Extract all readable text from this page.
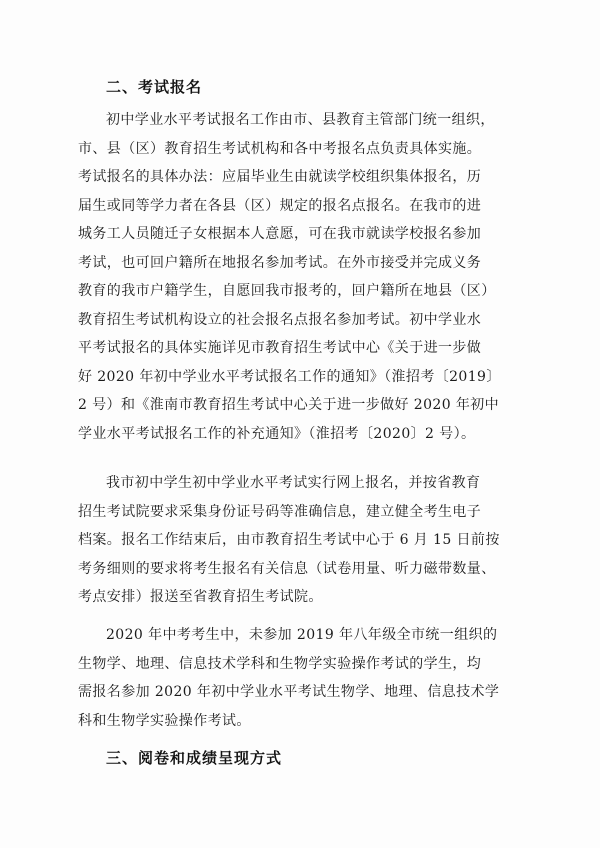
二、考试报名

初中学业水平考试报名工作由市、县教育主管部门统一组织，
市、县（区）教育招生考试机构和各中考报名点负责具体实施。
考试报名的具体办法：应届毕业生由就读学校组织集体报名，历
届生或同等学力者在各县（区）规定的报名点报名。在我市的进
城务工人员随迁子女根据本人意愿，可在我市就读学校报名参加
考试，也可回户籍所在地报名参加考试。在外市接受并完成义务
教育的我市户籍学生，自愿回我市报考的，回户籍所在地县（区）
教育招生考试机构设立的社会报名点报名参加考试。初中学业水
平考试报名的具体实施详见市教育招生考试中心《关于进一步做
好 2020 年初中学业水平考试报名工作的通知》（淮招考〔2019〕
2 号）和《淮南市教育招生考试中心关于进一步做好 2020 年初中
学业水平考试报名工作的补充通知》（淮招考〔2020〕2 号）。

我市初中学生初中学业水平考试实行网上报名，并按省教育
招生考试院要求采集身份证号码等准确信息，建立健全考生电子
档案。报名工作结束后，由市教育招生考试中心于 6 月 15 日前按
考务细则的要求将考生报名有关信息（试卷用量、听力磁带数量、
考点安排）报送至省教育招生考试院。

2020 年中考考生中，未参加 2019 年八年级全市统一组织的
生物学、地理、信息技术学科和生物学实验操作考试的学生，均
需报名参加 2020 年初中学业水平考试生物学、地理、信息技术学
科和生物学实验操作考试。

三、阅卷和成绩呈现方式
